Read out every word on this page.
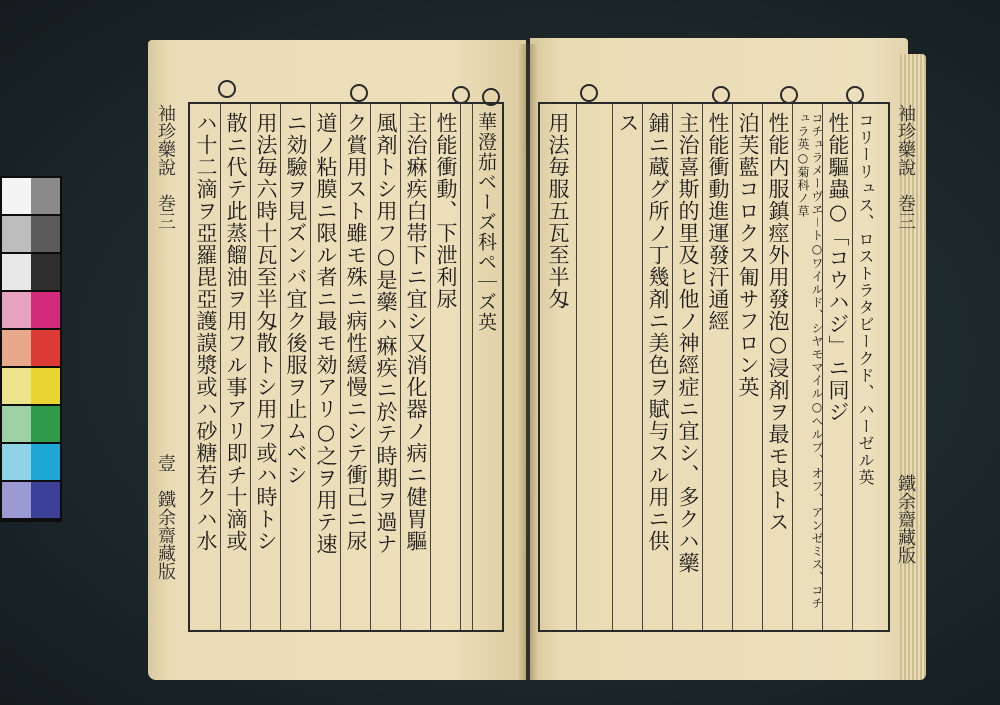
袖珍藥說　巻三
壹　鐵余齋藏版
華澄茄ベーズ科ペ｜ズ英
性能衝動、下泄利尿
主治痳疾白帯下ニ宜シ又消化器ノ病ニ健胃驅
風剤トシ用フ○是藥ハ痳疾ニ於テ時期ヲ過ナ
ク賞用スト雖モ殊ニ病性緩慢ニシテ衝己ニ尿
道ノ粘膜ニ限ル者ニ最モ効アリ○之ヲ用テ速
ニ効驗ヲ見ズンバ宜ク後服ヲ止ムベシ
用法毎六時十瓦至半匁散トシ用フ或ハ時トシ
散ニ代テ此蒸餾油ヲ用フル事アリ即チ十滴或
ハ十二滴ヲ亞羅毘亞護謨漿或ハ砂糖若クハ水	袖珍藥說　巻三
鐵余齋藏版
コリーリュス、ロストラタビークド、ハーゼル英
性能驅蟲○「コウハジ」ニ同ジ
コチュラメーヴヱ－ト○ワイルド、シヤモマイル○ヘルブ、オフ、アンゼミス、コチュラ英○菊科ノ草
性能内服鎮痙外用發泡○浸剤ヲ最モ良トス
泊芙藍コロクス匍サフロン英
性能衝動進運發汗通經
主治喜斯的里及ヒ他ノ神經症ニ宜シ、多クハ藥
鋪ニ蔵グ所ノ丁幾剤ニ美色ヲ賦与スル用ニ供
ス
用法毎服五瓦至半匁
